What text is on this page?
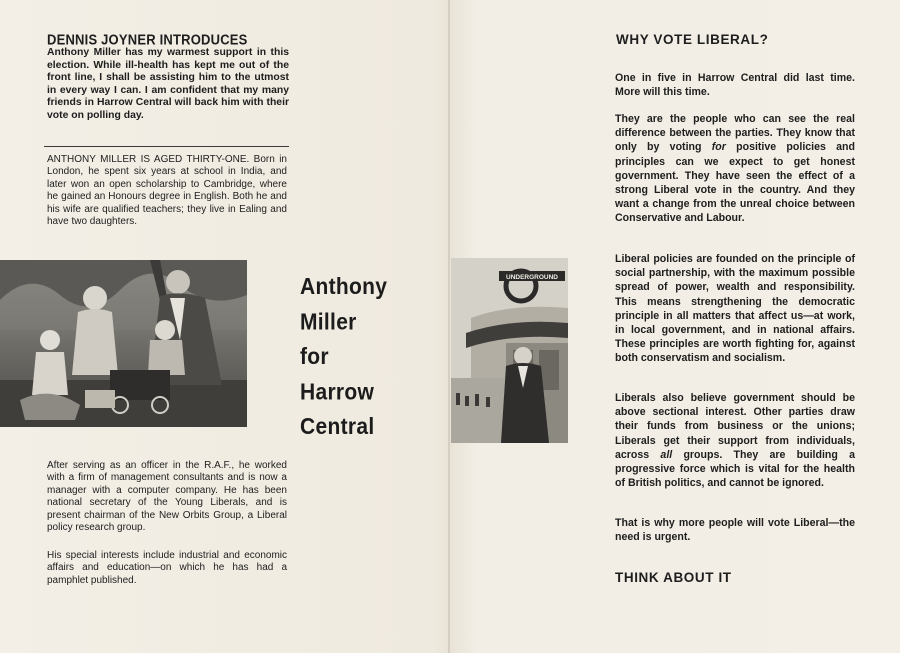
DENNIS JOYNER INTRODUCES
Anthony Miller has my warmest support in this election. While ill-health has kept me out of the front line, I shall be assisting him to the utmost in every way I can. I am confident that my many friends in Harrow Central will back him with their vote on polling day.
ANTHONY MILLER IS AGED THIRTY-ONE. Born in London, he spent six years at school in India, and later won an open scholarship to Cambridge, where he gained an Honours degree in English. Both he and his wife are qualified teachers; they live in Ealing and have two daughters.
After serving as an officer in the R.A.F., he worked with a firm of management consultants and is now a manager with a computer company. He has been national secretary of the Young Liberals, and is present chairman of the New Orbits Group, a Liberal policy research group.
His special interests include industrial and economic affairs and education—on which he has had a pamphlet published.
Anthony
Miller
for
Harrow
Central
UNDERGROUND
WHY VOTE LIBERAL?
One in five in Harrow Central did last time. More will this time.
They are the people who can see the real difference between the parties. They know that only by voting for positive policies and principles can we expect to get honest government. They have seen the effect of a strong Liberal vote in the country. And they want a change from the unreal choice between Conservative and Labour.
Liberal policies are founded on the principle of social partnership, with the maximum possible spread of power, wealth and responsibility. This means strengthening the democratic principle in all matters that affect us—at work, in local government, and in national affairs. These principles are worth fighting for, against both conservatism and socialism.
Liberals also believe government should be above sectional interest. Other parties draw their funds from business or the unions; Liberals get their support from individuals, across all groups. They are building a progressive force which is vital for the health of British politics, and cannot be ignored.
That is why more people will vote Liberal—the need is urgent.
THINK ABOUT IT
